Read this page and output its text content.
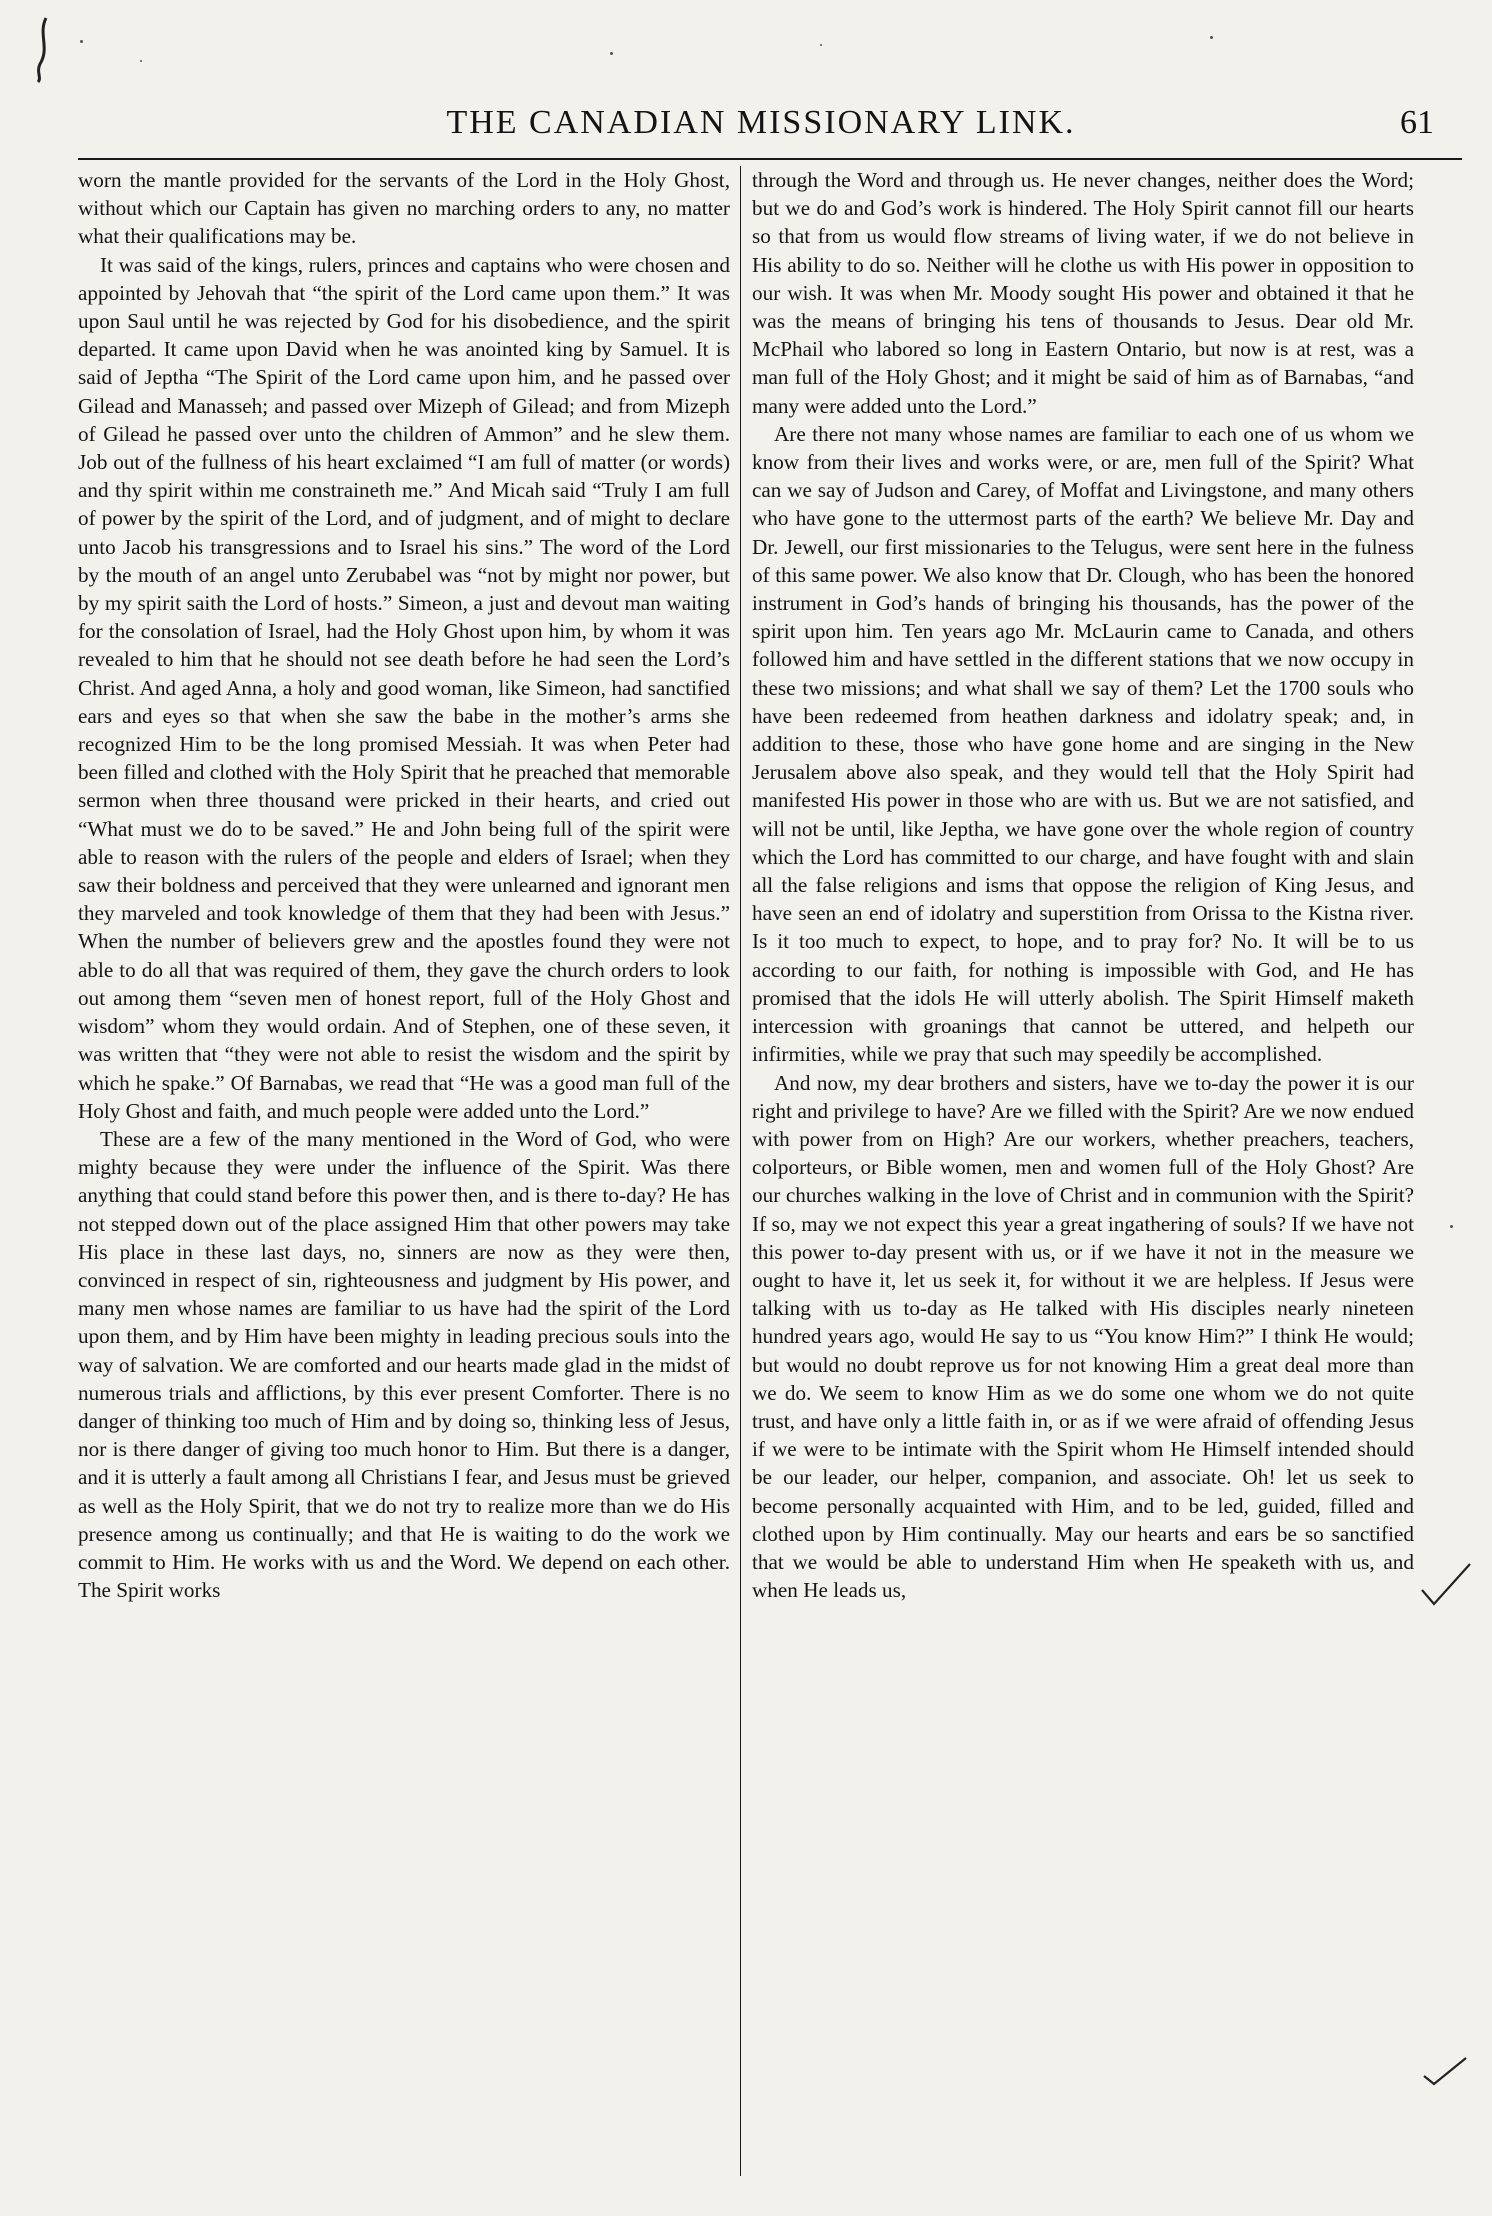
THE CANADIAN MISSIONARY LINK.	61

worn the mantle provided for the servants of the Lord in the Holy Ghost, without which our Captain has given no marching orders to any, no matter what their qualifications may be.

It was said of the kings, rulers, princes and captains who were chosen and appointed by Jehovah that “the spirit of the Lord came upon them.” It was upon Saul until he was rejected by God for his disobedience, and the spirit departed. It came upon David when he was anointed king by Samuel. It is said of Jeptha “The Spirit of the Lord came upon him, and he passed over Gilead and Manasseh; and passed over Mizeph of Gilead; and from Mizeph of Gilead he passed over unto the children of Ammon” and he slew them. Job out of the fullness of his heart exclaimed “I am full of matter (or words) and thy spirit within me constraineth me.” And Micah said “Truly I am full of power by the spirit of the Lord, and of judgment, and of might to declare unto Jacob his transgressions and to Israel his sins.” The word of the Lord by the mouth of an angel unto Zerubabel was “not by might nor power, but by my spirit saith the Lord of hosts.” Simeon, a just and devout man waiting for the consolation of Israel, had the Holy Ghost upon him, by whom it was revealed to him that he should not see death before he had seen the Lord’s Christ. And aged Anna, a holy and good woman, like Simeon, had sanctified ears and eyes so that when she saw the babe in the mother’s arms she recognized Him to be the long promised Messiah. It was when Peter had been filled and clothed with the Holy Spirit that he preached that memorable sermon when three thousand were pricked in their hearts, and cried out “What must we do to be saved.” He and John being full of the spirit were able to reason with the rulers of the people and elders of Israel; when they saw their boldness and perceived that they were unlearned and ignorant men they marveled and took knowledge of them that they had been with Jesus.” When the number of believers grew and the apostles found they were not able to do all that was required of them, they gave the church orders to look out among them “seven men of honest report, full of the Holy Ghost and wisdom” whom they would ordain. And of Stephen, one of these seven, it was written that “they were not able to resist the wisdom and the spirit by which he spake.” Of Barnabas, we read that “He was a good man full of the Holy Ghost and faith, and much people were added unto the Lord.”

These are a few of the many mentioned in the Word of God, who were mighty because they were under the influence of the Spirit. Was there anything that could stand before this power then, and is there to-day? He has not stepped down out of the place assigned Him that other powers may take His place in these last days, no, sinners are now as they were then, convinced in respect of sin, righteousness and judgment by His power, and many men whose names are familiar to us have had the spirit of the Lord upon them, and by Him have been mighty in leading precious souls into the way of salvation. We are comforted and our hearts made glad in the midst of numerous trials and afflictions, by this ever present Comforter. There is no danger of thinking too much of Him and by doing so, thinking less of Jesus, nor is there danger of giving too much honor to Him. But there is a danger, and it is utterly a fault among all Christians I fear, and Jesus must be grieved as well as the Holy Spirit, that we do not try to realize more than we do His presence among us continually; and that He is waiting to do the work we commit to Him. He works with us and the Word. We depend on each other. The Spirit works

through the Word and through us. He never changes, neither does the Word; but we do and God’s work is hindered. The Holy Spirit cannot fill our hearts so that from us would flow streams of living water, if we do not believe in His ability to do so. Neither will he clothe us with His power in opposition to our wish. It was when Mr. Moody sought His power and obtained it that he was the means of bringing his tens of thousands to Jesus. Dear old Mr. McPhail who labored so long in Eastern Ontario, but now is at rest, was a man full of the Holy Ghost; and it might be said of him as of Barnabas, “and many were added unto the Lord.”

Are there not many whose names are familiar to each one of us whom we know from their lives and works were, or are, men full of the Spirit? What can we say of Judson and Carey, of Moffat and Livingstone, and many others who have gone to the uttermost parts of the earth? We believe Mr. Day and Dr. Jewell, our first missionaries to the Telugus, were sent here in the fulness of this same power. We also know that Dr. Clough, who has been the honored instrument in God’s hands of bringing his thousands, has the power of the spirit upon him. Ten years ago Mr. McLaurin came to Canada, and others followed him and have settled in the different stations that we now occupy in these two missions; and what shall we say of them? Let the 1700 souls who have been redeemed from heathen darkness and idolatry speak; and, in addition to these, those who have gone home and are singing in the New Jerusalem above also speak, and they would tell that the Holy Spirit had manifested His power in those who are with us. But we are not satisfied, and will not be until, like Jeptha, we have gone over the whole region of country which the Lord has committed to our charge, and have fought with and slain all the false religions and isms that oppose the religion of King Jesus, and have seen an end of idolatry and superstition from Orissa to the Kistna river. Is it too much to expect, to hope, and to pray for? No. It will be to us according to our faith, for nothing is impossible with God, and He has promised that the idols He will utterly abolish. The Spirit Himself maketh intercession with groanings that cannot be uttered, and helpeth our infirmities, while we pray that such may speedily be accomplished.

And now, my dear brothers and sisters, have we to-day the power it is our right and privilege to have? Are we filled with the Spirit? Are we now endued with power from on High? Are our workers, whether preachers, teachers, colporteurs, or Bible women, men and women full of the Holy Ghost? Are our churches walking in the love of Christ and in communion with the Spirit? If so, may we not expect this year a great ingathering of souls? If we have not this power to-day present with us, or if we have it not in the measure we ought to have it, let us seek it, for without it we are helpless. If Jesus were talking with us to-day as He talked with His disciples nearly nineteen hundred years ago, would He say to us “You know Him?” I think He would; but would no doubt reprove us for not knowing Him a great deal more than we do. We seem to know Him as we do some one whom we do not quite trust, and have only a little faith in, or as if we were afraid of offending Jesus if we were to be intimate with the Spirit whom He Himself intended should be our leader, our helper, companion, and associate. Oh! let us seek to become personally acquainted with Him, and to be led, guided, filled and clothed upon by Him continually. May our hearts and ears be so sanctified that we would be able to understand Him when He speaketh with us, and when He leads us,
